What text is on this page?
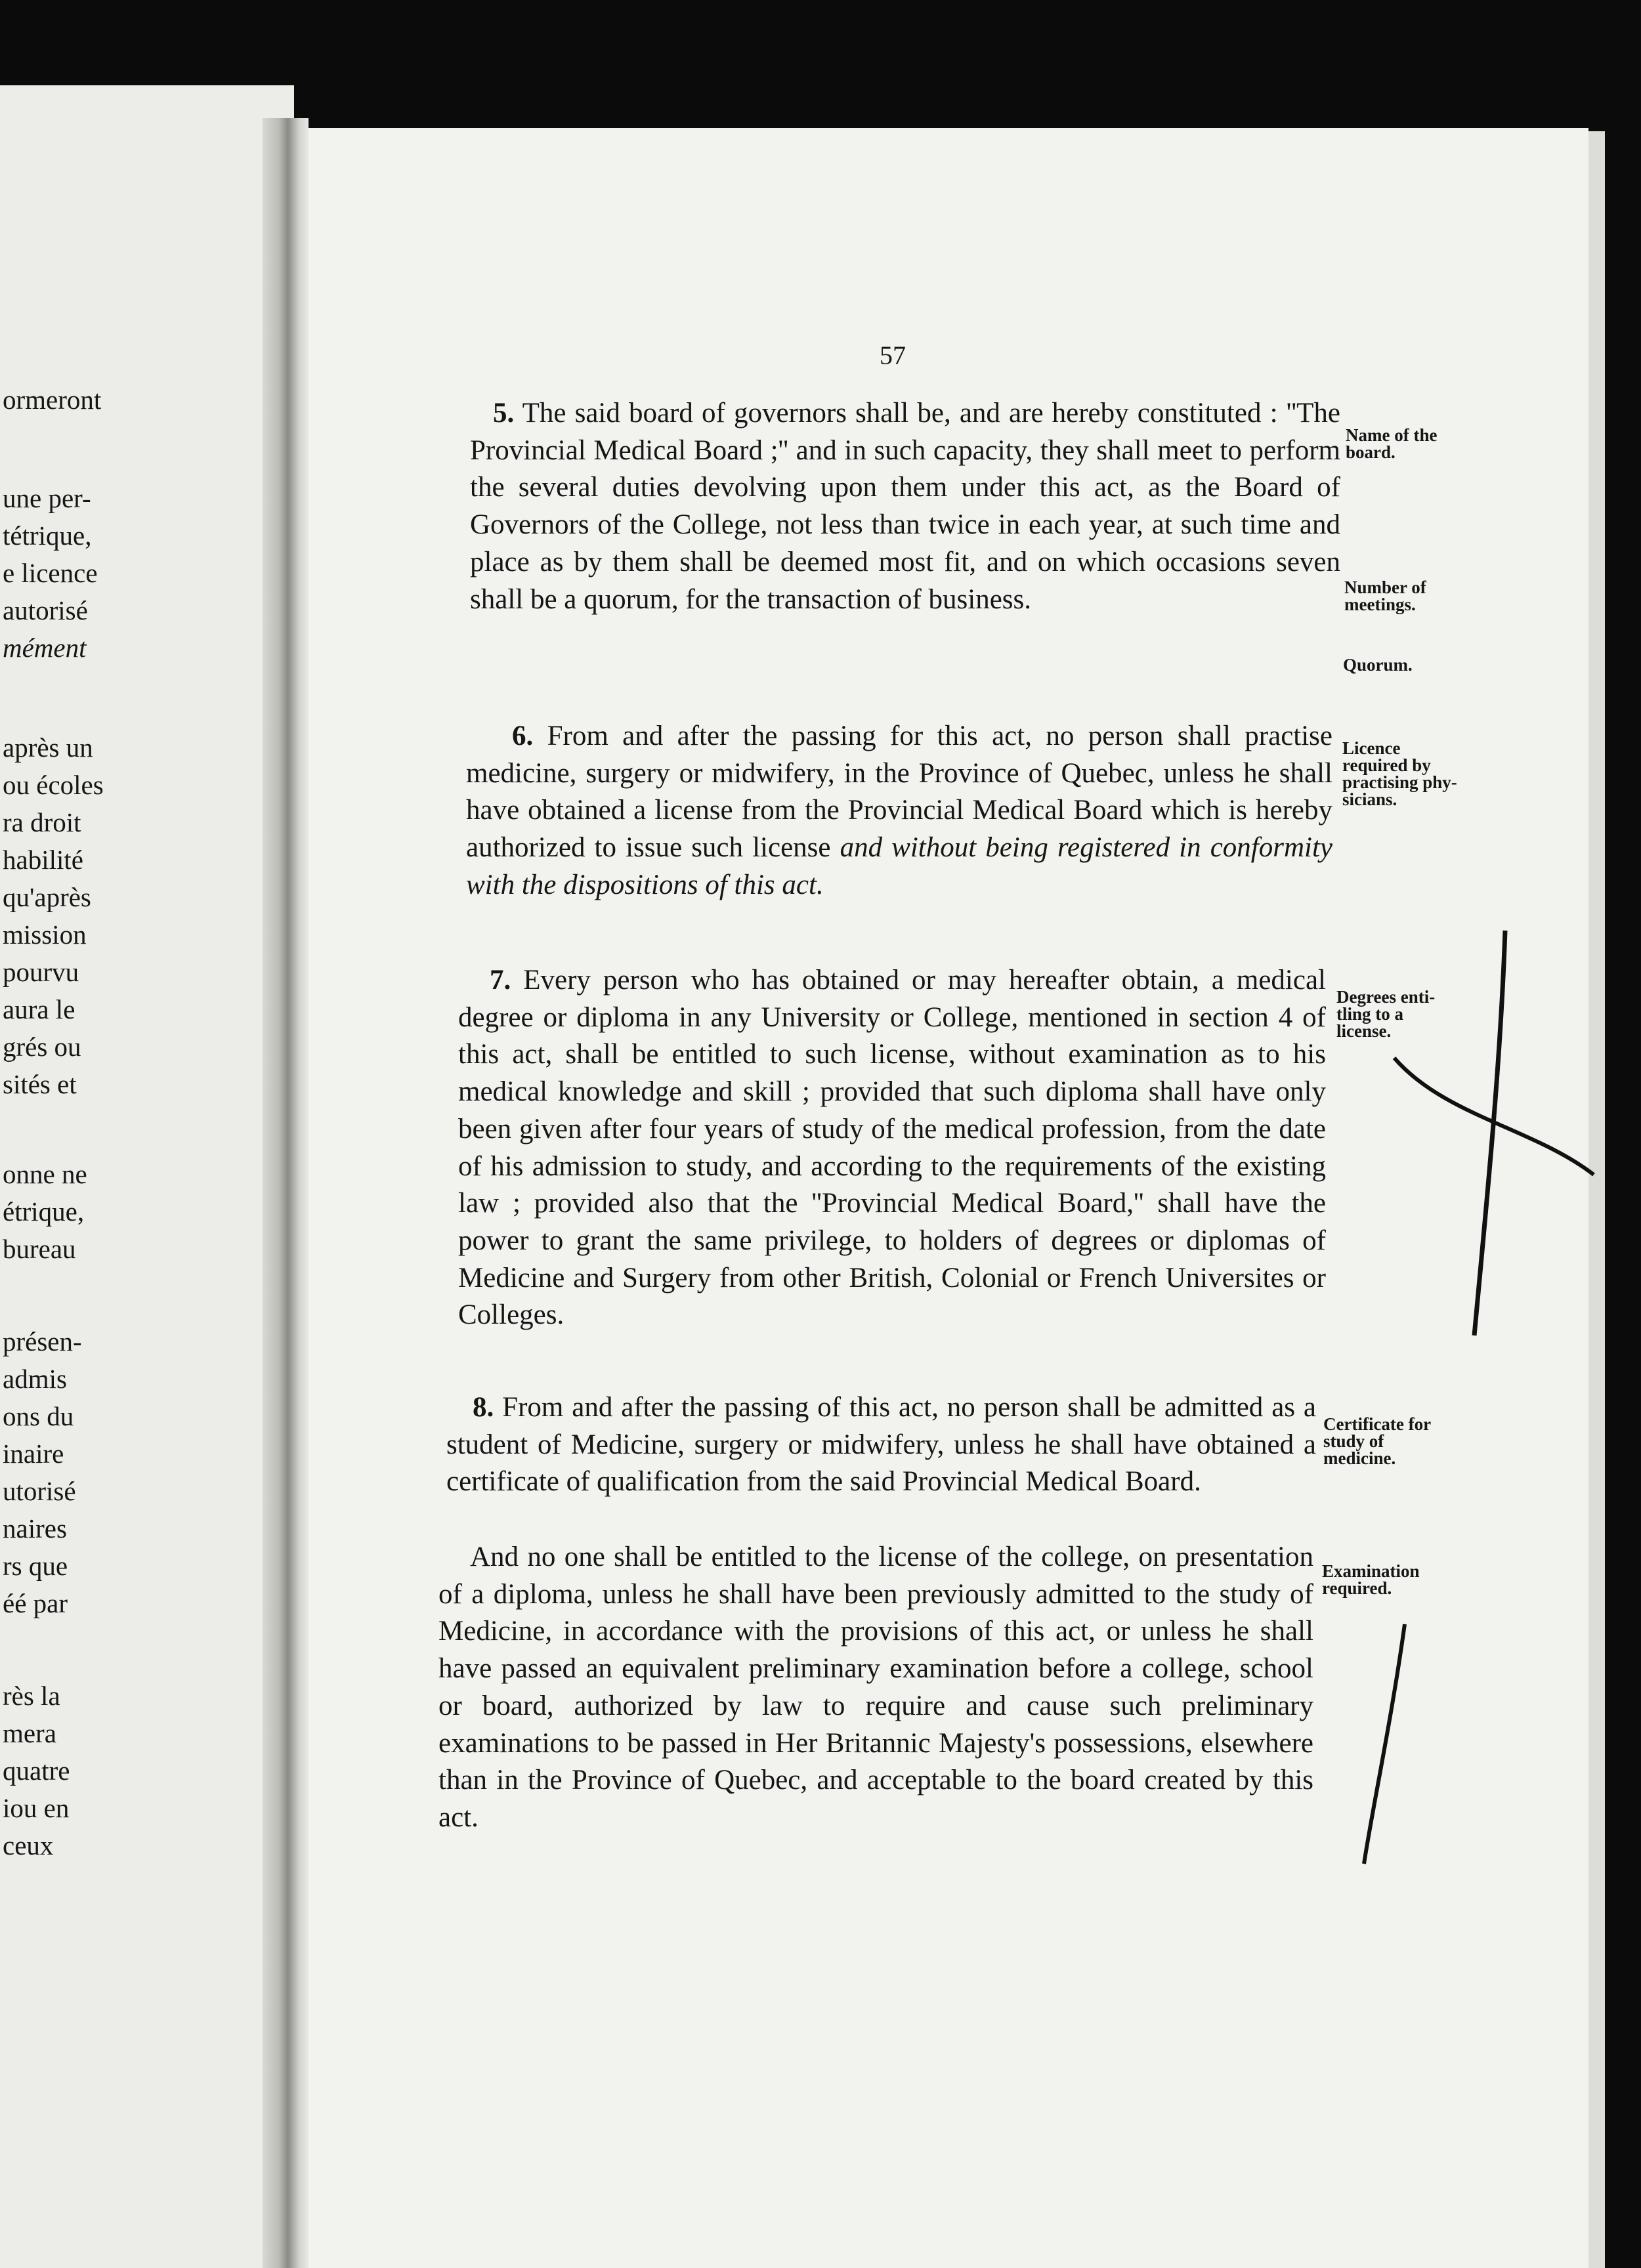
ormeront
une per-
tétrique,
e licence
autorisé
mément
après un
ou écoles
ra droit
habilité
qu'après
mission
pourvu
aura le
grés ou
sités et
onne ne
étrique,
bureau
présen-
admis
ons du
inaire
utorisé
naires
rs que
éé par
rès la
mera
quatre
iou en
ceux
57

5. The said board of governors shall be, and are hereby constituted : ''The Provincial Medical Board ;'' and in such capacity, they shall meet to perform the several duties devolving upon them under this act, as the Board of Governors of the College, not less than twice in each year, at such time and place as by them shall be deemed most fit, and on which occasions seven shall be a quorum, for the transaction of business.

6. From and after the passing for this act, no person shall practise medicine, surgery or midwifery, in the Province of Quebec, unless he shall have obtained a license from the Provincial Medical Board which is hereby authorized to issue such license and without being registered in conformity with the dispositions of this act.

7. Every person who has obtained or may hereafter obtain, a medical degree or diploma in any University or College, mentioned in section 4 of this act, shall be entitled to such license, without examination as to his medical knowledge and skill ; provided that such diploma shall have only been given after four years of study of the medical profession, from the date of his admission to study, and according to the requirements of the existing law ; provided also that the ''Provincial Medical Board,'' shall have the power to grant the same privilege, to holders of degrees or diplomas of Medicine and Surgery from other British, Colonial or French Universites or Colleges.

8. From and after the passing of this act, no person shall be admitted as a student of Medicine, surgery or midwifery, unless he shall have obtained a certificate of qualification from the said Provincial Medical Board.

And no one shall be entitled to the license of the college, on presentation of a diploma, unless he shall have been previously admitted to the study of Medicine, in accordance with the provisions of this act, or unless he shall have passed an equivalent preliminary examination before a college, school or board, authorized by law to require and cause such preliminary examinations to be passed in Her Britannic Majesty's possessions, elsewhere than in the Province of Quebec, and acceptable to the board created by this act.

Name of the
board.
Number of
meetings.
Quorum.
Licence
required by
practising phy-
sicians.
Degrees enti-
tling to a
license.
Certificate for
study of
medicine.
Examination
required.
